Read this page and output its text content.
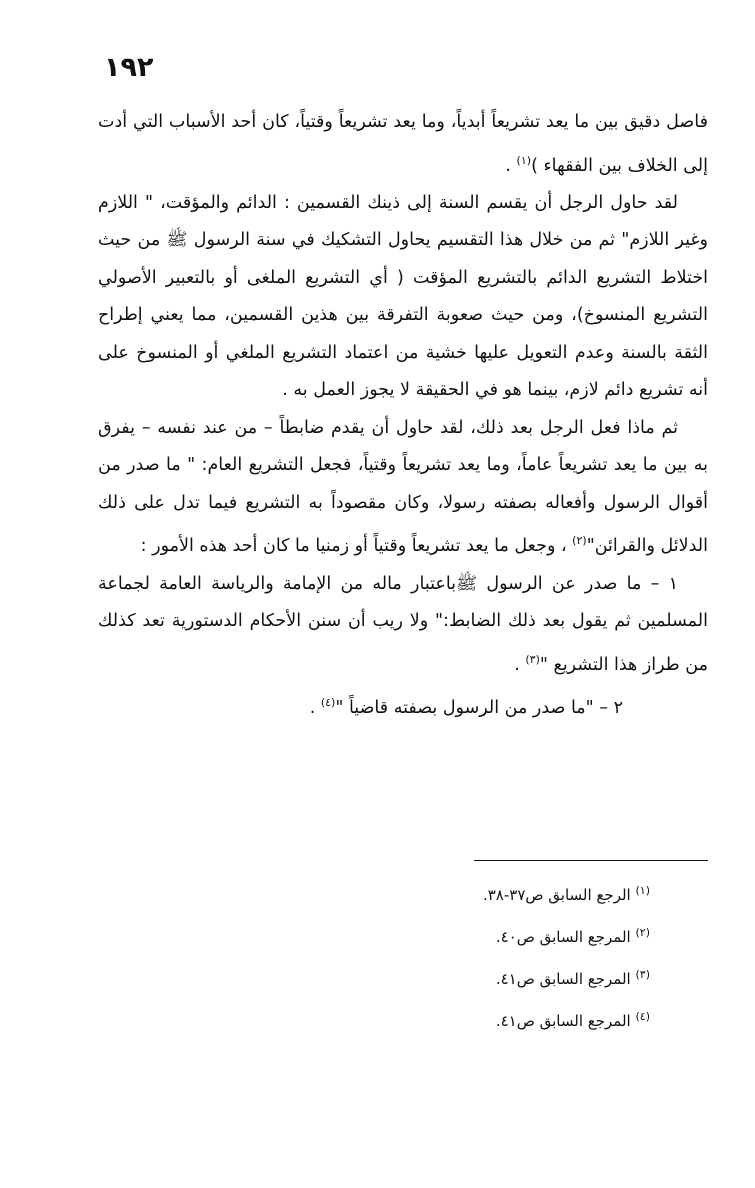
١٩٢

فاصل دقيق بين ما يعد تشريعاً أبدياً، وما يعد تشريعاً وقتياً، كان أحد الأسباب التي أدت إلى الخلاف بين الفقهاء )$^{(١)}$ .

لقد حاول الرجل أن يقسم السنة إلى ذينك القسمين : الدائم والمؤقت، " اللازم وغير اللازم" ثم من خلال هذا التقسيم يحاول التشكيك في سنة الرسول ﷺ من حيث اختلاط التشريع الدائم بالتشريع المؤقت ( أي التشريع الملغى أو بالتعبير الأصولي التشريع المنسوخ)، ومن حيث صعوبة التفرقة بين هذين القسمين، مما يعني إطراح الثقة بالسنة وعدم التعويل عليها خشية من اعتماد التشريع الملغي أو المنسوخ على أنه تشريع دائم لازم، بينما هو في الحقيقة لا يجوز العمل به .

ثم ماذا فعل الرجل بعد ذلك، لقد حاول أن يقدم ضابطاً – من عند نفسه – يفرق به بين ما يعد تشريعاً عاماً، وما يعد تشريعاً وقتياً، فجعل التشريع العام: " ما صدر من أقوال الرسول وأفعاله بصفته رسولا، وكان مقصوداً به التشريع فيما تدل على ذلك الدلائل والقرائن"$^{(٢)}$ ، وجعل ما يعد تشريعاً وقتياً أو زمنيا ما كان أحد هذه الأمور :

١ – ما صدر عن الرسول ﷺباعتبار ماله من الإمامة والرياسة العامة لجماعة المسلمين ثم يقول بعد ذلك الضابط:" ولا ريب أن سنن الأحكام الدستورية تعد كذلك من طراز هذا التشريع "$^{(٣)}$ .

٢ – "ما صدر من الرسول بصفته قاضياً "$^{(٤)}$ .

$^{(١)}$ الرجع السابق ص٣٧-٣٨.
$^{(٢)}$ المرجع السابق ص٤٠.
$^{(٣)}$ المرجع السابق ص٤١.
$^{(٤)}$ المرجع السابق ص٤١.
